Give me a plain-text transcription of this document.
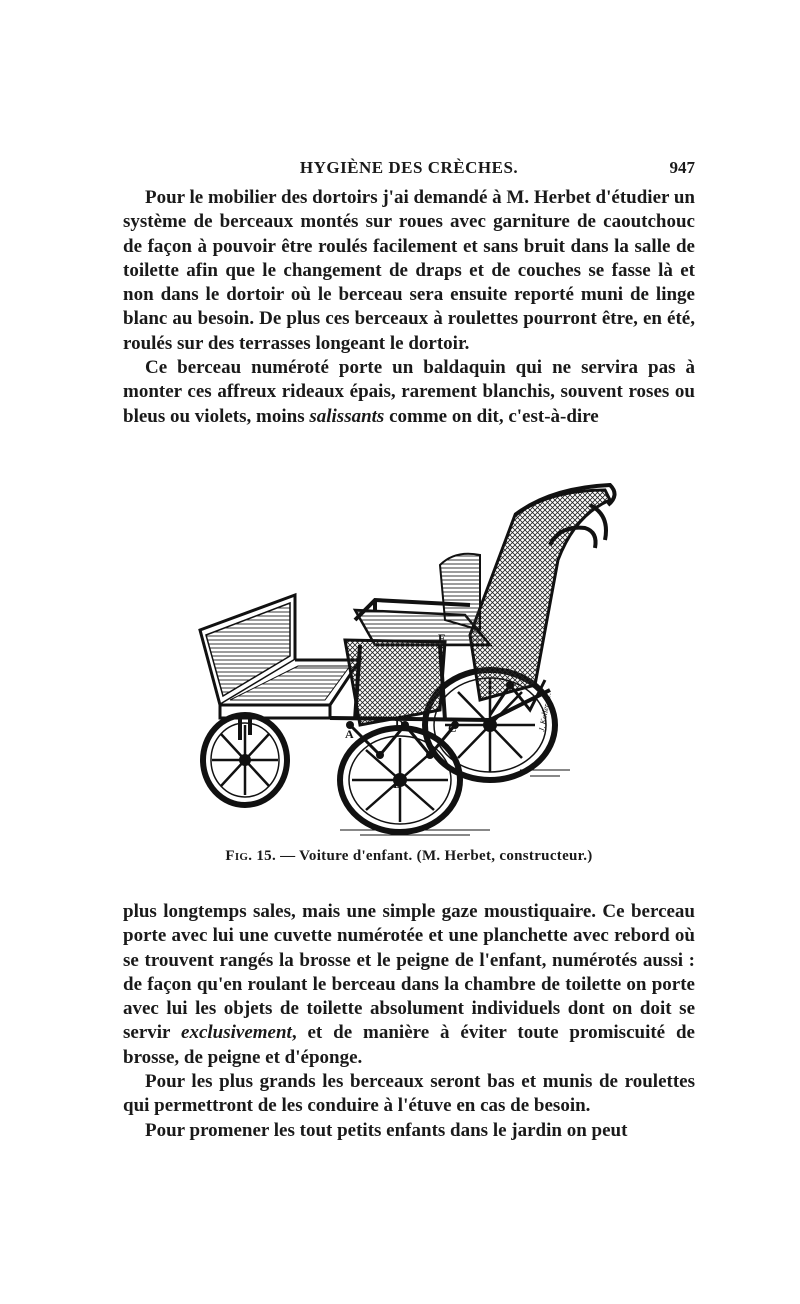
HYGIÈNE DES CRÈCHES.	947

Pour le mobilier des dortoirs j'ai demandé à M. Herbet d'étudier un système de berceaux montés sur roues avec garniture de caoutchouc de façon à pouvoir être roulés facilement et sans bruit dans la salle de toilette afin que le changement de draps et de couches se fasse là et non dans le dortoir où le berceau sera ensuite reporté muni de linge blanc au besoin. De plus ces berceaux à roulettes pourront être, en été, roulés sur des terrasses longeant le dortoir.

Ce berceau numéroté porte un baldaquin qui ne servira pas à monter ces affreux rideaux épais, rarement blanchis, souvent roses ou bleus ou violets, moins salissants comme on dit, c'est-à-dire

A
B
C
D
F
J. Koller Sc.
Fig. 15. — Voiture d'enfant. (M. Herbet, constructeur.)

plus longtemps sales, mais une simple gaze moustiquaire. Ce berceau porte avec lui une cuvette numérotée et une planchette avec rebord où se trouvent rangés la brosse et le peigne de l'enfant, numérotés aussi : de façon qu'en roulant le berceau dans la chambre de toilette on porte avec lui les objets de toilette absolument individuels dont on doit se servir exclusivement, et de manière à éviter toute promiscuité de brosse, de peigne et d'éponge.

Pour les plus grands les berceaux seront bas et munis de roulettes qui permettront de les conduire à l'étuve en cas de besoin.

Pour promener les tout petits enfants dans le jardin on peut
